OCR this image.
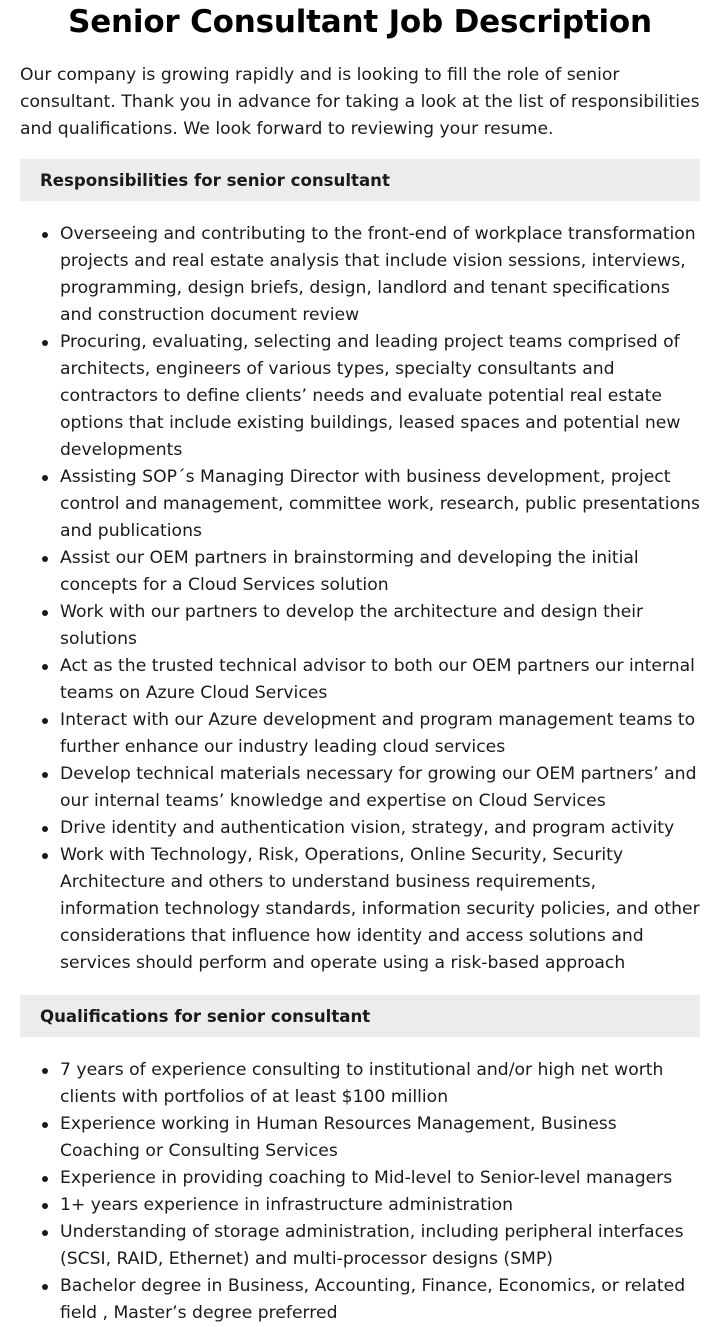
Senior Consultant Job Description

Our company is growing rapidly and is looking to fill the role of senior consultant. Thank you in advance for taking a look at the list of responsibilities and qualifications. We look forward to reviewing your resume.

Responsibilities for senior consultant
Overseeing and contributing to the front-end of workplace transformation projects and real estate analysis that include vision sessions, interviews, programming, design briefs, design, landlord and tenant specifications and construction document review
Procuring, evaluating, selecting and leading project teams comprised of architects, engineers of various types, specialty consultants and contractors to define clients’ needs and evaluate potential real estate options that include existing buildings, leased spaces and potential new developments
Assisting SOP´s Managing Director with business development, project control and management, committee work, research, public presentations and publications
Assist our OEM partners in brainstorming and developing the initial concepts for a Cloud Services solution
Work with our partners to develop the architecture and design their solutions
Act as the trusted technical advisor to both our OEM partners our internal teams on Azure Cloud Services
Interact with our Azure development and program management teams to further enhance our industry leading cloud services
Develop technical materials necessary for growing our OEM partners’ and our internal teams’ knowledge and expertise on Cloud Services
Drive identity and authentication vision, strategy, and program activity
Work with Technology, Risk, Operations, Online Security, Security Architecture and others to understand business requirements, information technology standards, information security policies, and other considerations that influence how identity and access solutions and services should perform and operate using a risk-based approach
Qualifications for senior consultant
7 years of experience consulting to institutional and/or high net worth clients with portfolios of at least $100 million
Experience working in Human Resources Management, Business Coaching or Consulting Services
Experience in providing coaching to Mid-level to Senior-level managers
1+ years experience in infrastructure administration
Understanding of storage administration, including peripheral interfaces (SCSI, RAID, Ethernet) and multi-processor designs (SMP)
Bachelor degree in Business, Accounting, Finance, Economics, or related field , Master’s degree preferred
